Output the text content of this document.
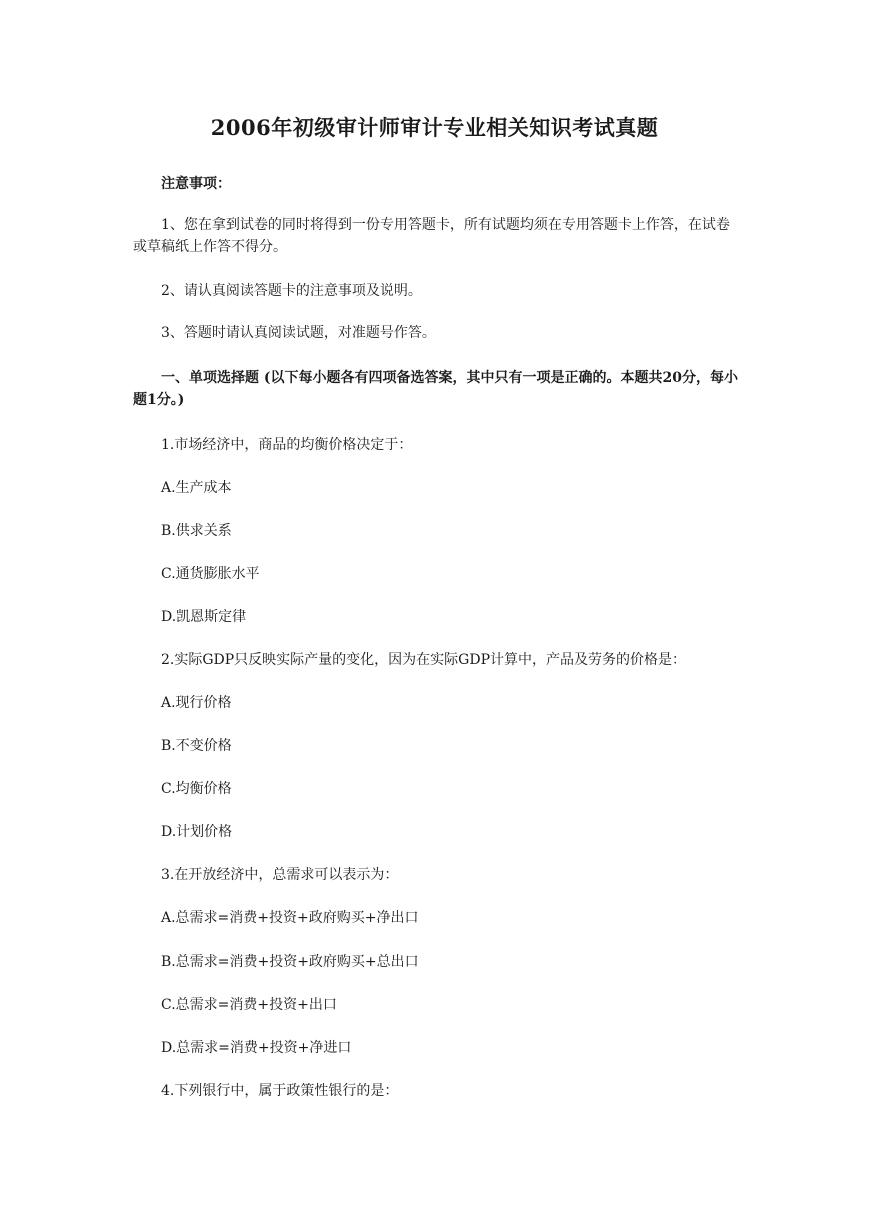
2006年初级审计师审计专业相关知识考试真题
注意事项：
1、您在拿到试卷的同时将得到一份专用答题卡，所有试题均须在专用答题卡上作答，在试卷或草稿纸上作答不得分。
2、请认真阅读答题卡的注意事项及说明。
3、答题时请认真阅读试题，对准题号作答。
一、单项选择题 (以下每小题各有四项备选答案，其中只有一项是正确的。本题共20分，每小题1分。)
1.市场经济中，商品的均衡价格决定于：
A.生产成本
B.供求关系
C.通货膨胀水平
D.凯恩斯定律
2.实际GDP只反映实际产量的变化，因为在实际GDP计算中，产品及劳务的价格是：
A.现行价格
B.不变价格
C.均衡价格
D.计划价格
3.在开放经济中，总需求可以表示为：
A.总需求=消费+投资+政府购买+净出口
B.总需求=消费+投资+政府购买+总出口
C.总需求=消费+投资+出口
D.总需求=消费+投资+净进口
4.下列银行中，属于政策性银行的是：
